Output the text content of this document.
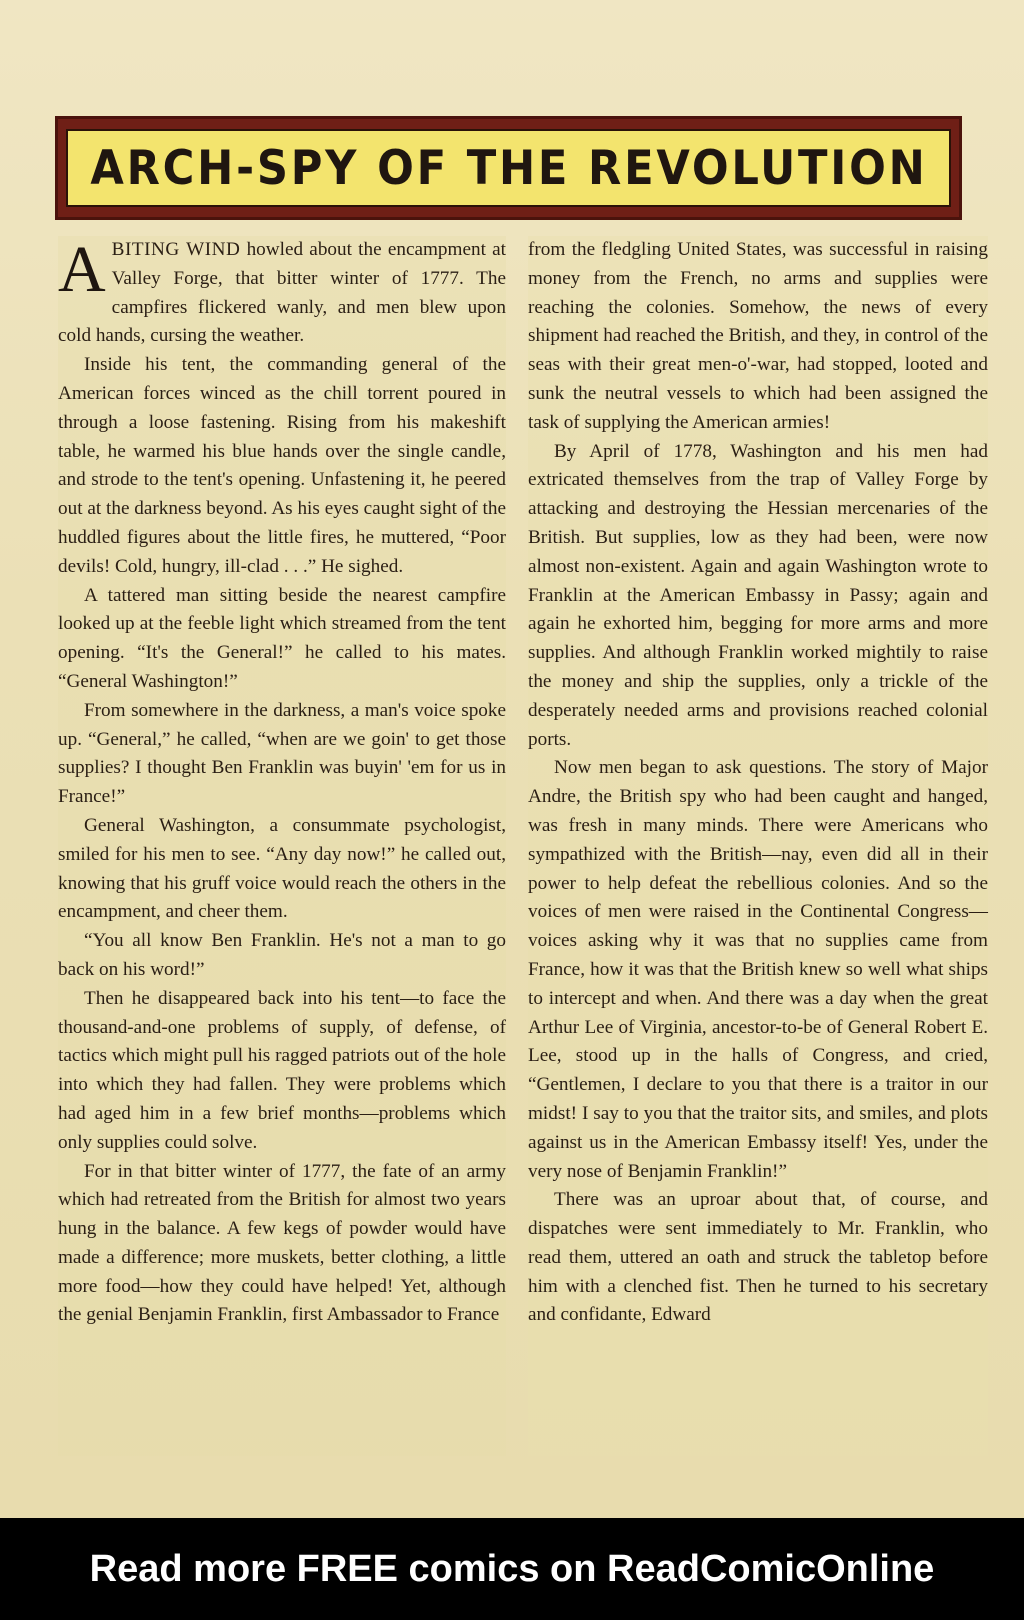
ARCH-SPY OF THE REVOLUTION

ABITING WIND howled about the encampment at Valley Forge, that bitter winter of 1777. The campfires flickered wanly, and men blew upon cold hands, cursing the weather.

Inside his tent, the commanding general of the American forces winced as the chill torrent poured in through a loose fastening. Rising from his makeshift table, he warmed his blue hands over the single candle, and strode to the tent's opening. Unfastening it, he peered out at the darkness beyond. As his eyes caught sight of the huddled figures about the little fires, he muttered, “Poor devils! Cold, hungry, ill-clad . . .” He sighed.

A tattered man sitting beside the nearest campfire looked up at the feeble light which streamed from the tent opening. “It's the General!” he called to his mates. “General Washington!”

From somewhere in the darkness, a man's voice spoke up. “General,” he called, “when are we goin' to get those supplies? I thought Ben Franklin was buyin' 'em for us in France!”

General Washington, a consummate psychologist, smiled for his men to see. “Any day now!” he called out, knowing that his gruff voice would reach the others in the encampment, and cheer them.

“You all know Ben Franklin. He's not a man to go back on his word!”

Then he disappeared back into his tent—to face the thousand-and-one problems of supply, of defense, of tactics which might pull his ragged patriots out of the hole into which they had fallen. They were problems which had aged him in a few brief months—problems which only supplies could solve.

For in that bitter winter of 1777, the fate of an army which had retreated from the British for almost two years hung in the balance. A few kegs of powder would have made a difference; more muskets, better clothing, a little more food—how they could have helped! Yet, although the genial Benjamin Franklin, first Ambassador to France

from the fledgling United States, was successful in raising money from the French, no arms and supplies were reaching the colonies. Somehow, the news of every shipment had reached the British, and they, in control of the seas with their great men-o'-war, had stopped, looted and sunk the neutral vessels to which had been assigned the task of supplying the American armies!

By April of 1778, Washington and his men had extricated themselves from the trap of Valley Forge by attacking and destroying the Hessian mercenaries of the British. But supplies, low as they had been, were now almost non-existent. Again and again Washington wrote to Franklin at the American Embassy in Passy; again and again he exhorted him, begging for more arms and more supplies. And although Franklin worked mightily to raise the money and ship the supplies, only a trickle of the desperately needed arms and provisions reached colonial ports.

Now men began to ask questions. The story of Major Andre, the British spy who had been caught and hanged, was fresh in many minds. There were Americans who sympathized with the British—nay, even did all in their power to help defeat the rebellious colonies. And so the voices of men were raised in the Continental Congress—voices asking why it was that no supplies came from France, how it was that the British knew so well what ships to intercept and when. And there was a day when the great Arthur Lee of Virginia, ancestor-to-be of General Robert E. Lee, stood up in the halls of Congress, and cried, “Gentlemen, I declare to you that there is a traitor in our midst! I say to you that the traitor sits, and smiles, and plots against us in the American Embassy itself! Yes, under the very nose of Benjamin Franklin!”

There was an uproar about that, of course, and dispatches were sent immediately to Mr. Franklin, who read them, uttered an oath and struck the tabletop before him with a clenched fist. Then he turned to his secretary and confidante, Edward

Read more FREE comics on ReadComicOnline
